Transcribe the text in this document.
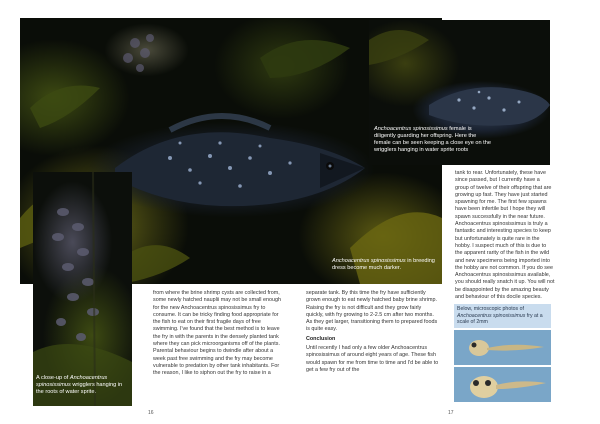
Anchoacentrus spinosissimus in breeding dress become much darker.
Anchoacentrus spinosissimus female is diligently guarding her offspring. Here the female can be seen keeping a close eye on the wrigglers hanging in water sprite roots
A close-up of Anchoacentrus spinosissimus wrigglers hanging in the roots of water sprite.

from where the brine shrimp cysts are collected from, some newly hatched nauplii may not be small enough for the new Anchoacentrus spinosissimus fry to consume. It can be tricky finding food appropriate for the fish to eat on their first fragile days of free swimming. I've found that the best method is to leave the fry in with the parents in the densely planted tank where they can pick microorganisms off of the plants. Parental behaviour begins to dwindle after about a week past free swimming and the fry may become vulnerable to predation by other tank inhabitants. For the reason, I like to siphon out the fry to raise in a

separate tank. By this time the fry have sufficiently grown enough to eat newly hatched baby brine shrimp.

Raising the fry is not difficult and they grow fairly quickly, with fry growing to 2-2.5 cm after two months. As they get larger, transitioning them to prepared foods is quite easy.

Conclusion

Until recently I had only a few older Anchoacentrus spinosissimus of around eight years of age. These fish would spawn for me from time to time and I'd be able to get a few fry out of the

tank to rear. Unfortunately, these have since passed, but I currently have a group of twelve of their offspring that are growing up fast. They have just started spawning for me. The first few spawns have been infertile but I hope they will spawn successfully in the near future.

Anchoacentrus spinosissimus is truly a fantastic and interesting species to keep but unfortunately is quite rare in the hobby. I suspect much of this is due to the apparent rarity of the fish in the wild and new specimens being imported into the hobby are not common. If you do see Anchoacentrus spinosissimus available, you should really snatch it up. You will not be disappointed by the amazing beauty and behaviour of this docile species.

Below, microscopic photos of Anchoacentrus spinosissimus fry at a scale of 2mm
16	17
